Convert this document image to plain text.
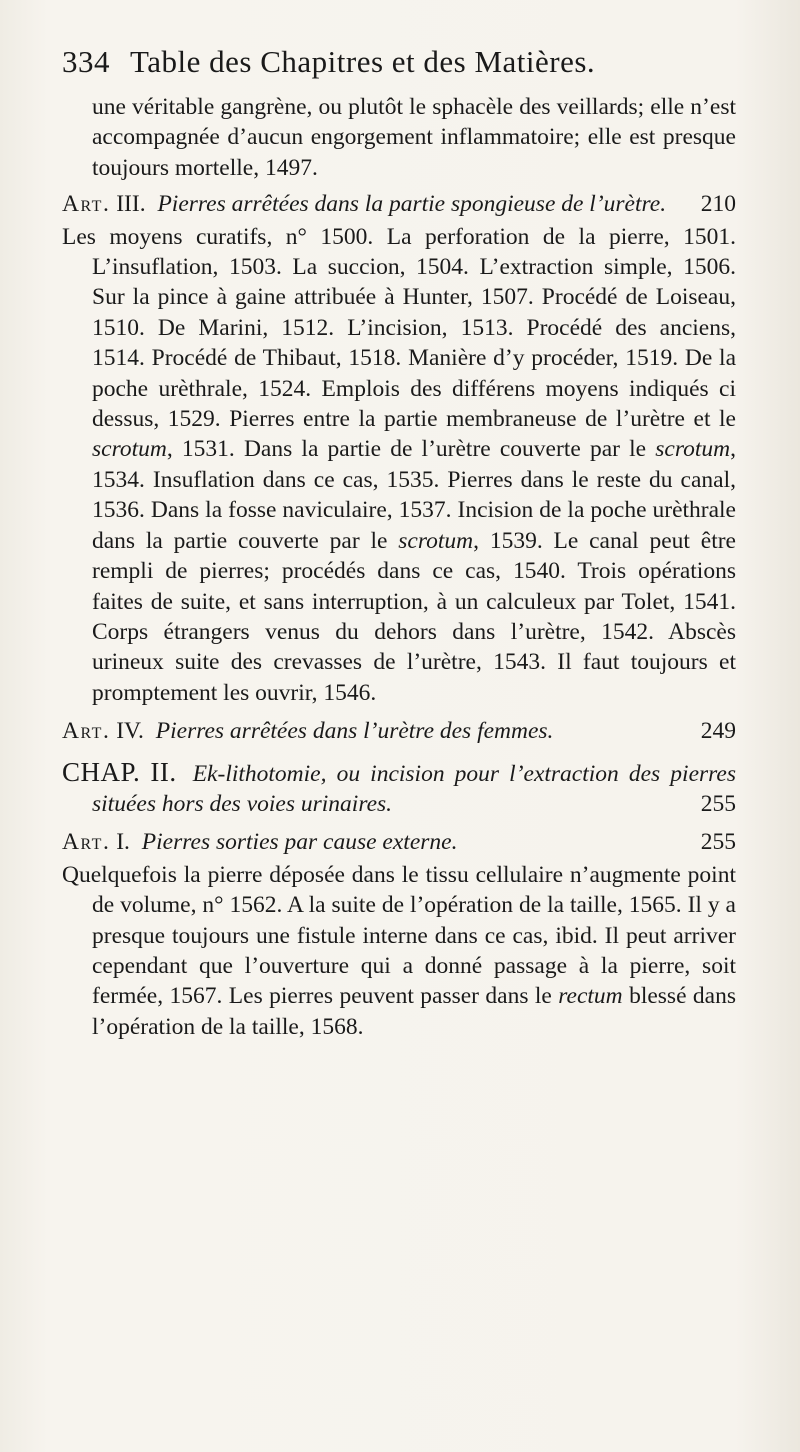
334 Table des Chapitres et des Matières.
une véritable gangrène, ou plutôt le sphacèle des veillards; elle n’est accompagnée d’aucun engorgement inflammatoire; elle est presque toujours mortelle, 1497.
Art. III. Pierres arrêtées dans la partie spongieuse de l’urètre. 210
Les moyens curatifs, n° 1500. La perforation de la pierre, 1501. L’insuflation, 1503. La succion, 1504. L’extraction simple, 1506. Sur la pince à gaine attribuée à Hunter, 1507. Procédé de Loiseau, 1510. De Marini, 1512. L’incision, 1513. Procédé des anciens, 1514. Procédé de Thibaut, 1518. Manière d’y procéder, 1519. De la poche urèthrale, 1524. Emplois des différens moyens indiqués ci dessus, 1529. Pierres entre la partie membraneuse de l’urètre et le scrotum, 1531. Dans la partie de l’urètre couverte par le scrotum, 1534. Insuflation dans ce cas, 1535. Pierres dans le reste du canal, 1536. Dans la fosse naviculaire, 1537. Incision de la poche urèthrale dans la partie couverte par le scrotum, 1539. Le canal peut être rempli de pierres; procédés dans ce cas, 1540. Trois opérations faites de suite, et sans interruption, à un calculeux par Tolet, 1541. Corps étrangers venus du dehors dans l’urètre, 1542. Abscès urineux suite des crevasses de l’urètre, 1543. Il faut toujours et promptement les ouvrir, 1546.
Art. IV. Pierres arrêtées dans l’urètre des femmes.	249
CHAP. II. Ek-lithotomie, ou incision pour l’extraction des pierres situées hors des voies urinaires.	255
Art. I. Pierres sorties par cause externe.	255
Quelquefois la pierre déposée dans le tissu cellulaire n’augmente point de volume, n° 1562. A la suite de l’opération de la taille, 1565. Il y a presque toujours une fistule interne dans ce cas, ibid. Il peut arriver cependant que l’ouverture qui a donné passage à la pierre, soit fermée, 1567. Les pierres peuvent passer dans le rectum blessé dans l’opération de la taille, 1568.
